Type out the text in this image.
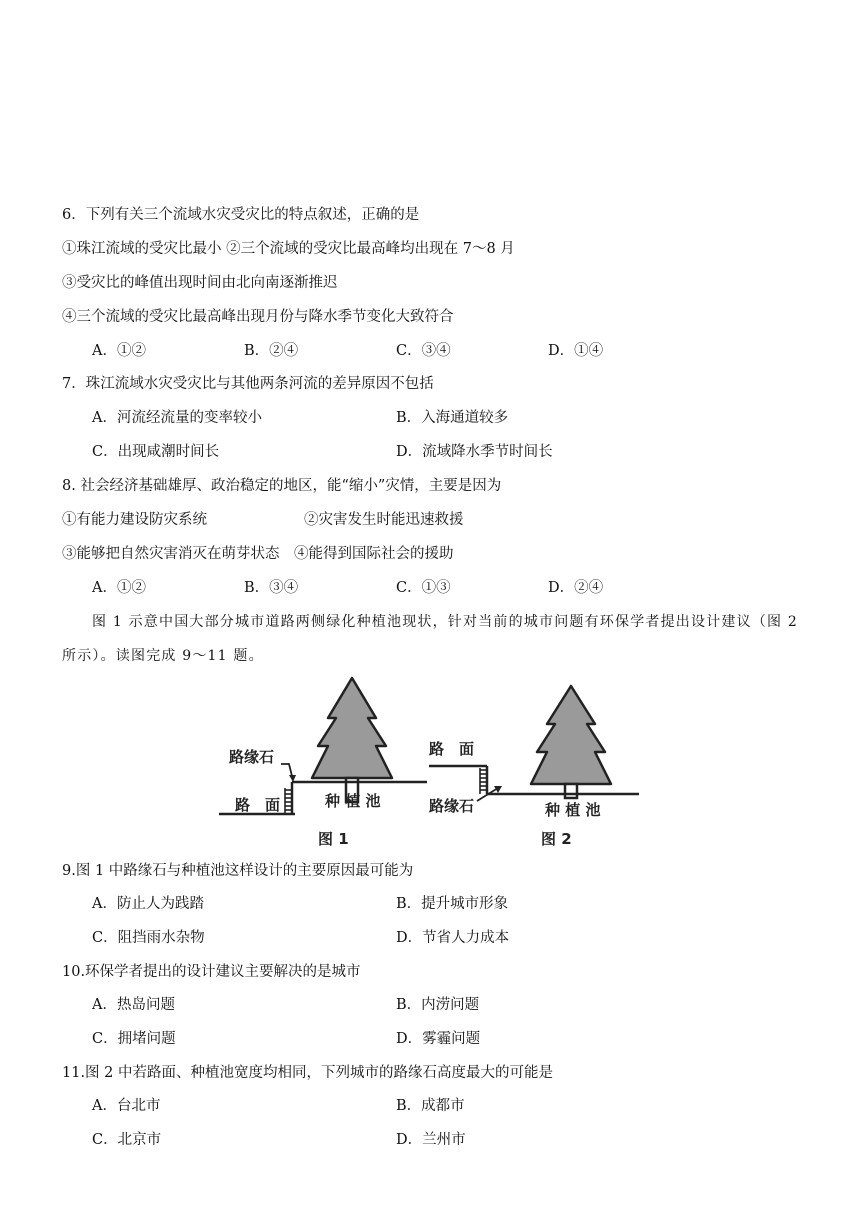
6．下列有关三个流域水灾受灾比的特点叙述，正确的是
①珠江流域的受灾比最小 ②三个流域的受灾比最高峰均出现在 7～8 月
③受灾比的峰值出现时间由北向南逐渐推迟
④三个流域的受灾比最高峰出现月份与降水季节变化大致符合
A．①②	B．②④	C．③④	D．①④
7．珠江流域水灾受灾比与其他两条河流的差异原因不包括
A．河流经流量的变率较小	B．入海通道较多
C．出现咸潮时间长	D．流域降水季节时间长
8. 社会经济基础雄厚、政治稳定的地区，能“缩小”灾情，主要是因为
①有能力建设防灾系统	②灾害发生时能迅速救援
③能够把自然灾害消灭在萌芽状态　④能得到国际社会的援助
A．①②	B．③④	C．①③	D．②④
图 1 示意中国大部分城市道路两侧绿化种植池现状，针对当前的城市问题有环保学者提出设计建议（图 2
所示）。读图完成 9～11 题。
路缘石
路　面	种 植 池
图 1
路　面
路缘石	种 植 池
图 2
9.图 1 中路缘石与种植池这样设计的主要原因最可能为
A．防止人为践踏	B．提升城市形象
C．阻挡雨水杂物	D．节省人力成本
10.环保学者提出的设计建议主要解决的是城市
A．热岛问题	B．内涝问题
C．拥堵问题	D．雾霾问题
11.图 2 中若路面、种植池宽度均相同，下列城市的路缘石高度最大的可能是
A．台北市	B．成都市
C．北京市	D．兰州市
